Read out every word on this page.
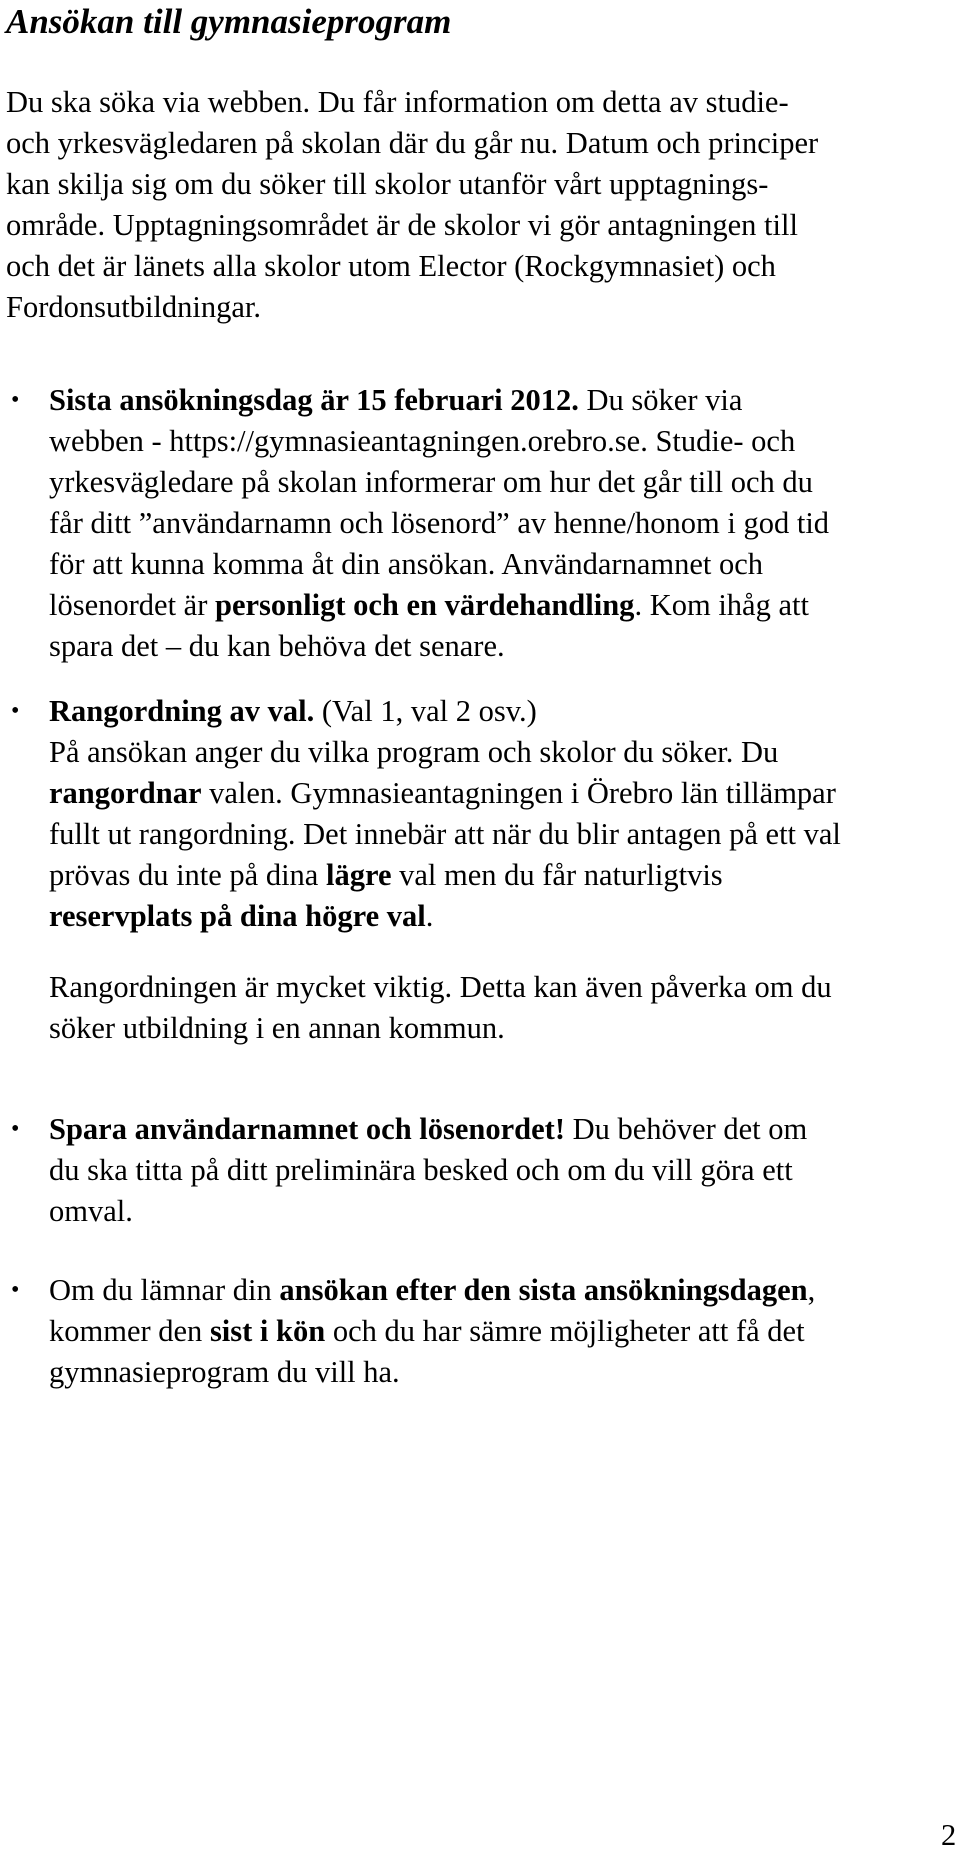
Ansökan till gymnasieprogram
Du ska söka via webben. Du får information om detta av studie-
och yrkesvägledaren på skolan där du går nu. Datum och principer
kan skilja sig om du söker till skolor utanför vårt upptagnings-
område. Upptagningsområdet är de skolor vi gör antagningen till
och det är länets alla skolor utom Elector (Rockgymnasiet) och
Fordonsutbildningar.
• Sista ansökningsdag är 15 februari 2012. Du söker via
webben - https://gymnasieantagningen.orebro.se. Studie- och
yrkesvägledare på skolan informerar om hur det går till och du
får ditt ”användarnamn och lösenord” av henne/honom i god tid
för att kunna komma åt din ansökan. Användarnamnet och
lösenordet är personligt och en värdehandling. Kom ihåg att
spara det – du kan behöva det senare.
• Rangordning av val. (Val 1, val 2 osv.)
På ansökan anger du vilka program och skolor du söker. Du
rangordnar valen. Gymnasieantagningen i Örebro län tillämpar
fullt ut rangordning. Det innebär att när du blir antagen på ett val
prövas du inte på dina lägre val men du får naturligtvis
reservplats på dina högre val.
Rangordningen är mycket viktig. Detta kan även påverka om du
söker utbildning i en annan kommun.
• Spara användarnamnet och lösenordet! Du behöver det om
du ska titta på ditt preliminära besked och om du vill göra ett
omval.
• Om du lämnar din ansökan efter den sista ansökningsdagen,
kommer den sist i kön och du har sämre möjligheter att få det
gymnasieprogram du vill ha.
2
